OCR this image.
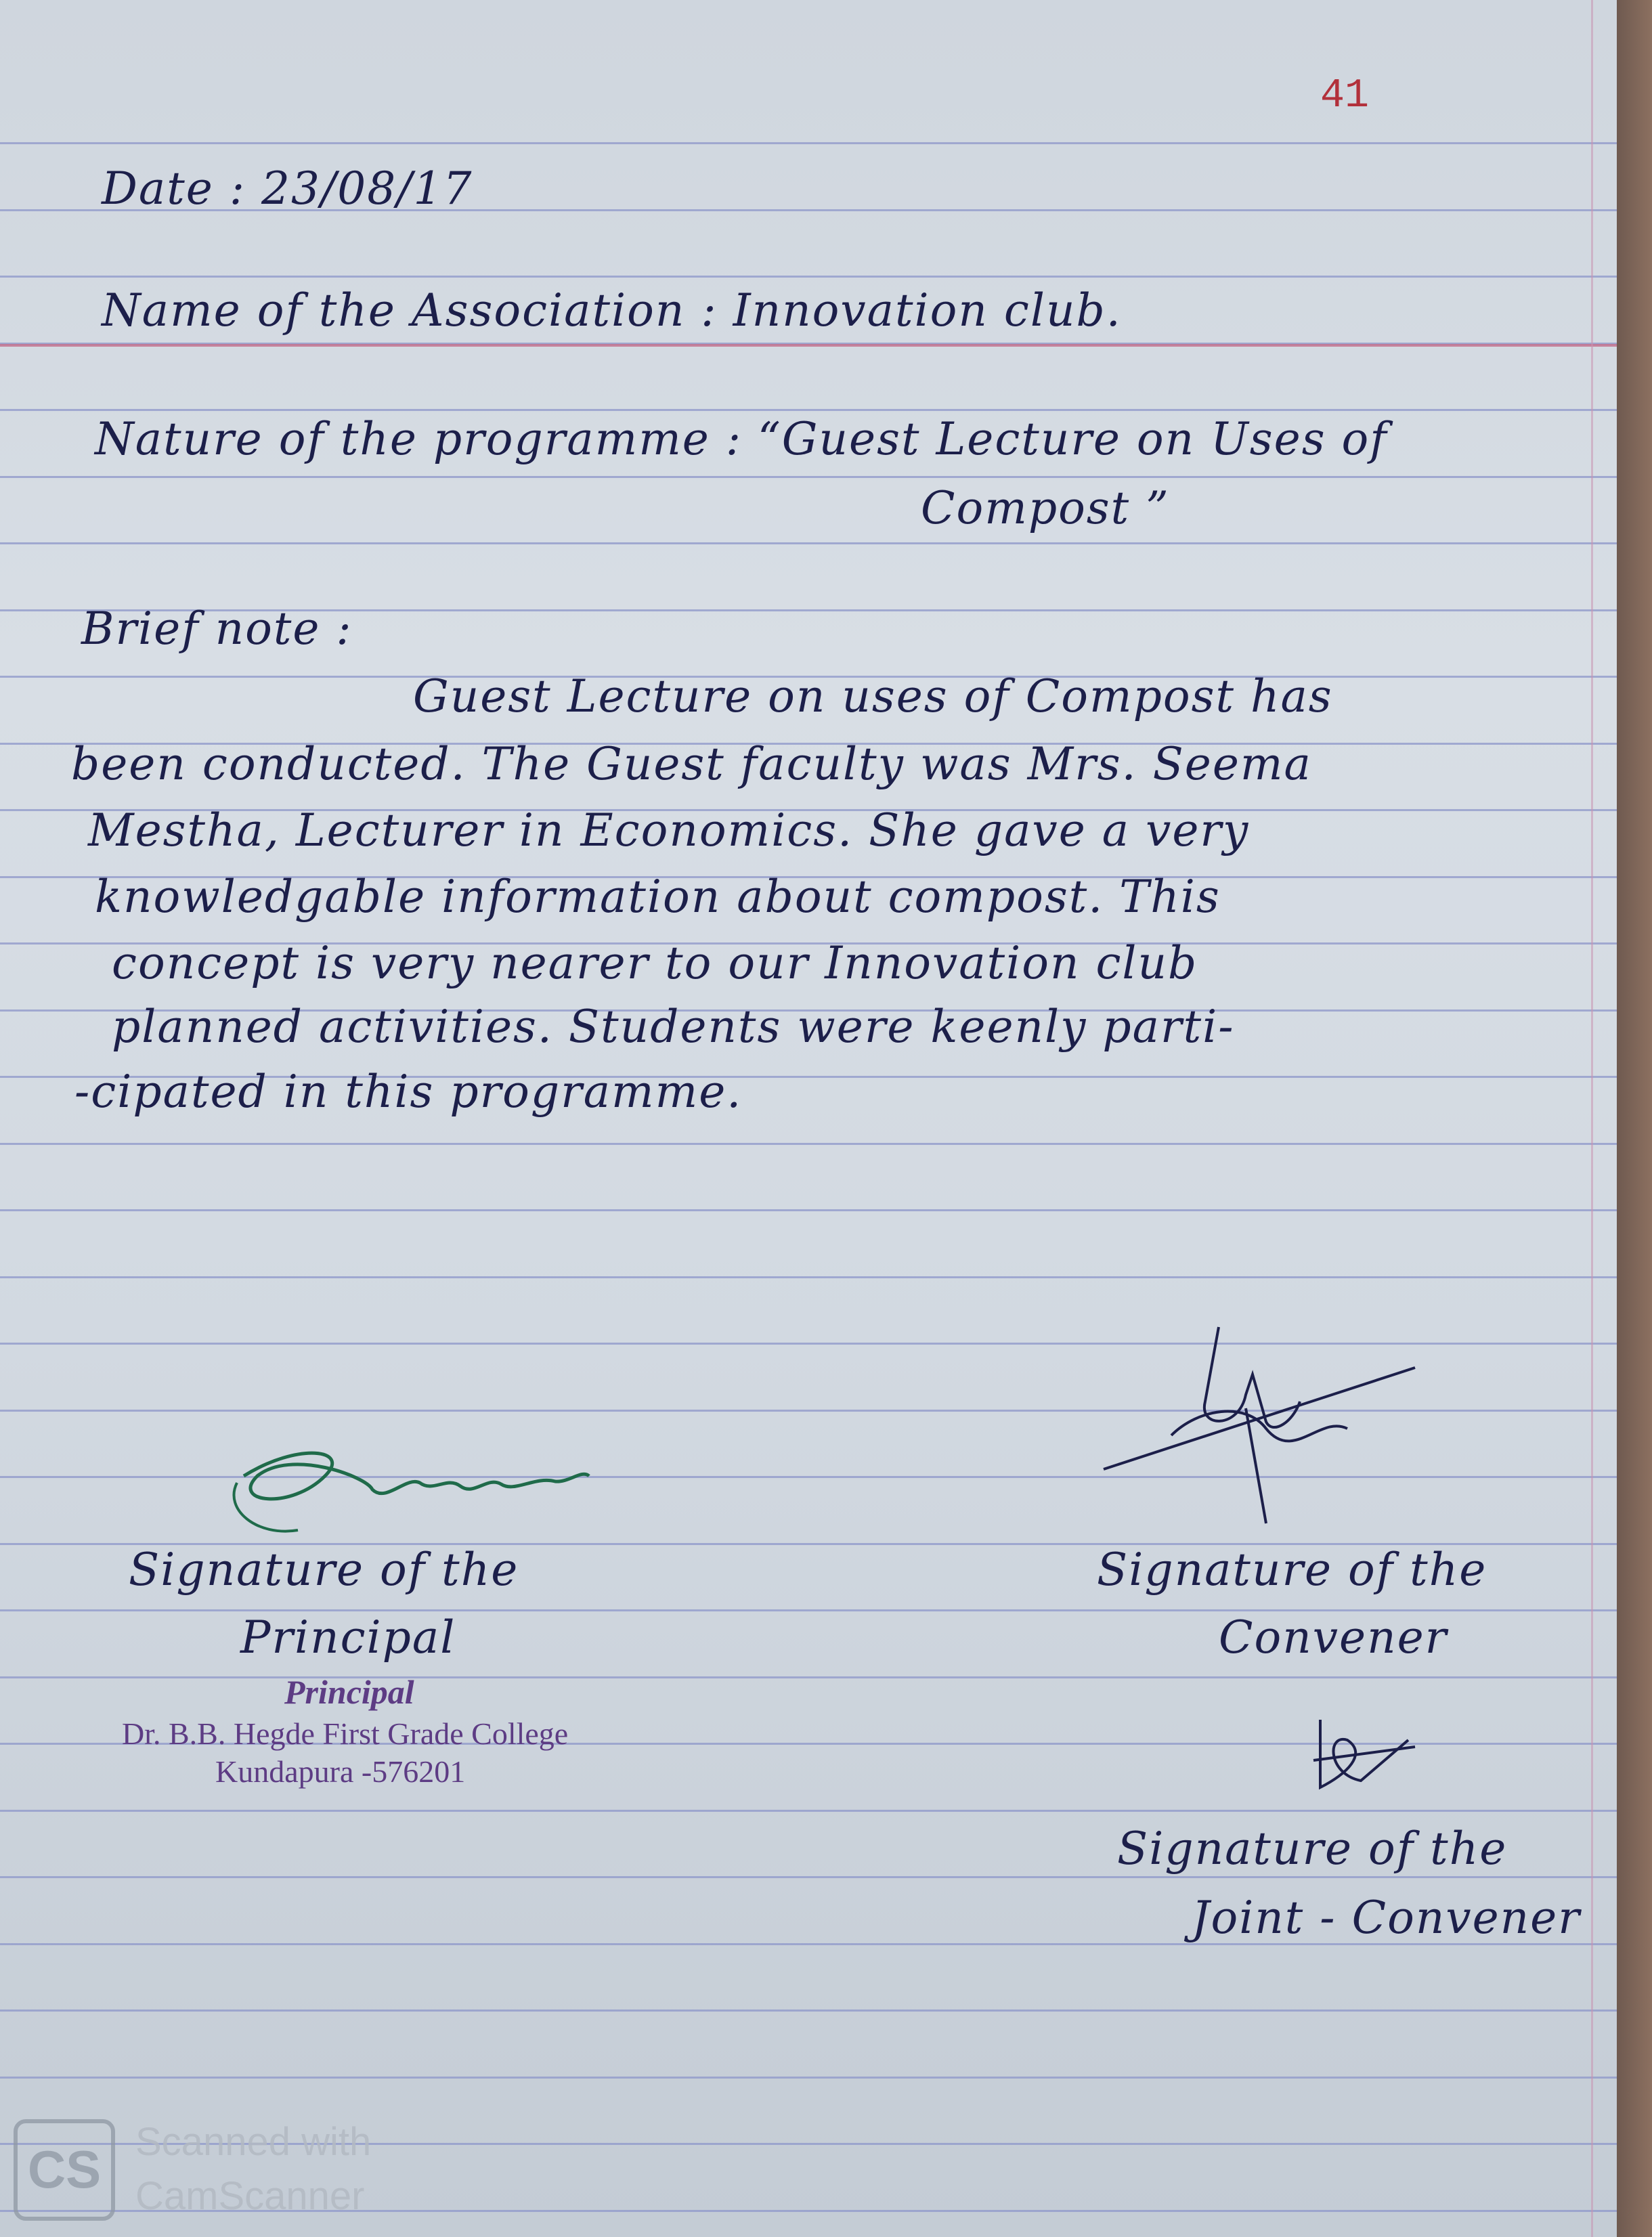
41
Date : 23/08/17
Name of the Association : Innovation club.
Nature of the programme : “Guest Lecture on Uses of
Compost ”
Brief note :
Guest Lecture on uses of Compost has
been conducted. The Guest faculty was Mrs. Seema
Mestha, Lecturer in Economics. She gave a very
knowledgable information about compost. This
concept is very nearer to our Innovation club
planned activities. Students were keenly parti-
-cipated in this programme.
Signature of the
Principal
Principal
Dr. B.B. Hegde First Grade College
Kundapura -576201
Signature of the
Convener
Signature of the
Joint - Convener
CS Scanned with
CamScanner
